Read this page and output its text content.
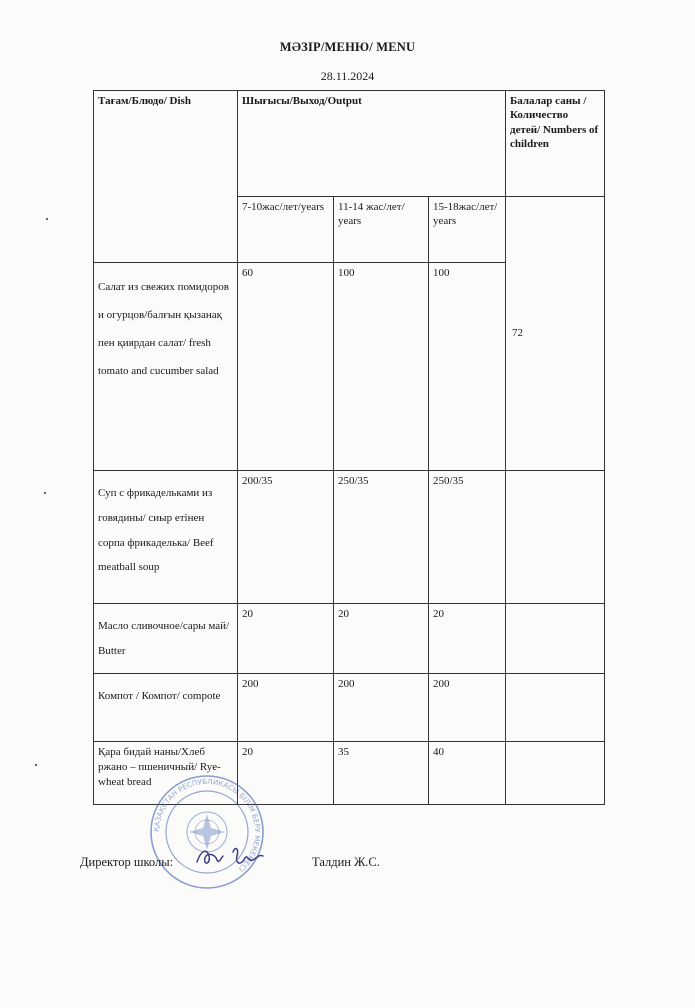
МӘЗІР/МЕНЮ/ MENU
28.11.2024
Тағам/Блюдо/ Dish	Шығысы/Выход/Output			Балалар саны /Количество детей/ Numbers of children
	7-10жас/лет/years	11-14 жас/лет/ years	15-18жас/лет/ years	72
Салат из свежих помидоров и огурцов/балғын қызанақ пен қиярдан салат/ fresh tomato and cucumber salad	60	100	100	
Суп с фрикадельками из говядины/ сиыр етінен сорпа фрикаделька/ Beef meatball soup	200/35	250/35	250/35	
Масло сливочное/сары май/ Butter	20	20	20	
Компот / Компот/ compote	200	200	200	
Қара бидай наны/Хлеб ржано – пшеничный/ Rye-wheat bread	20	35	40	
ҚАЗАҚСТАН РЕСПУБЛИКАСЫ БІЛІМ БЕРУ МЕКЕМЕСІ
Директор школы:	Талдин Ж.С.
